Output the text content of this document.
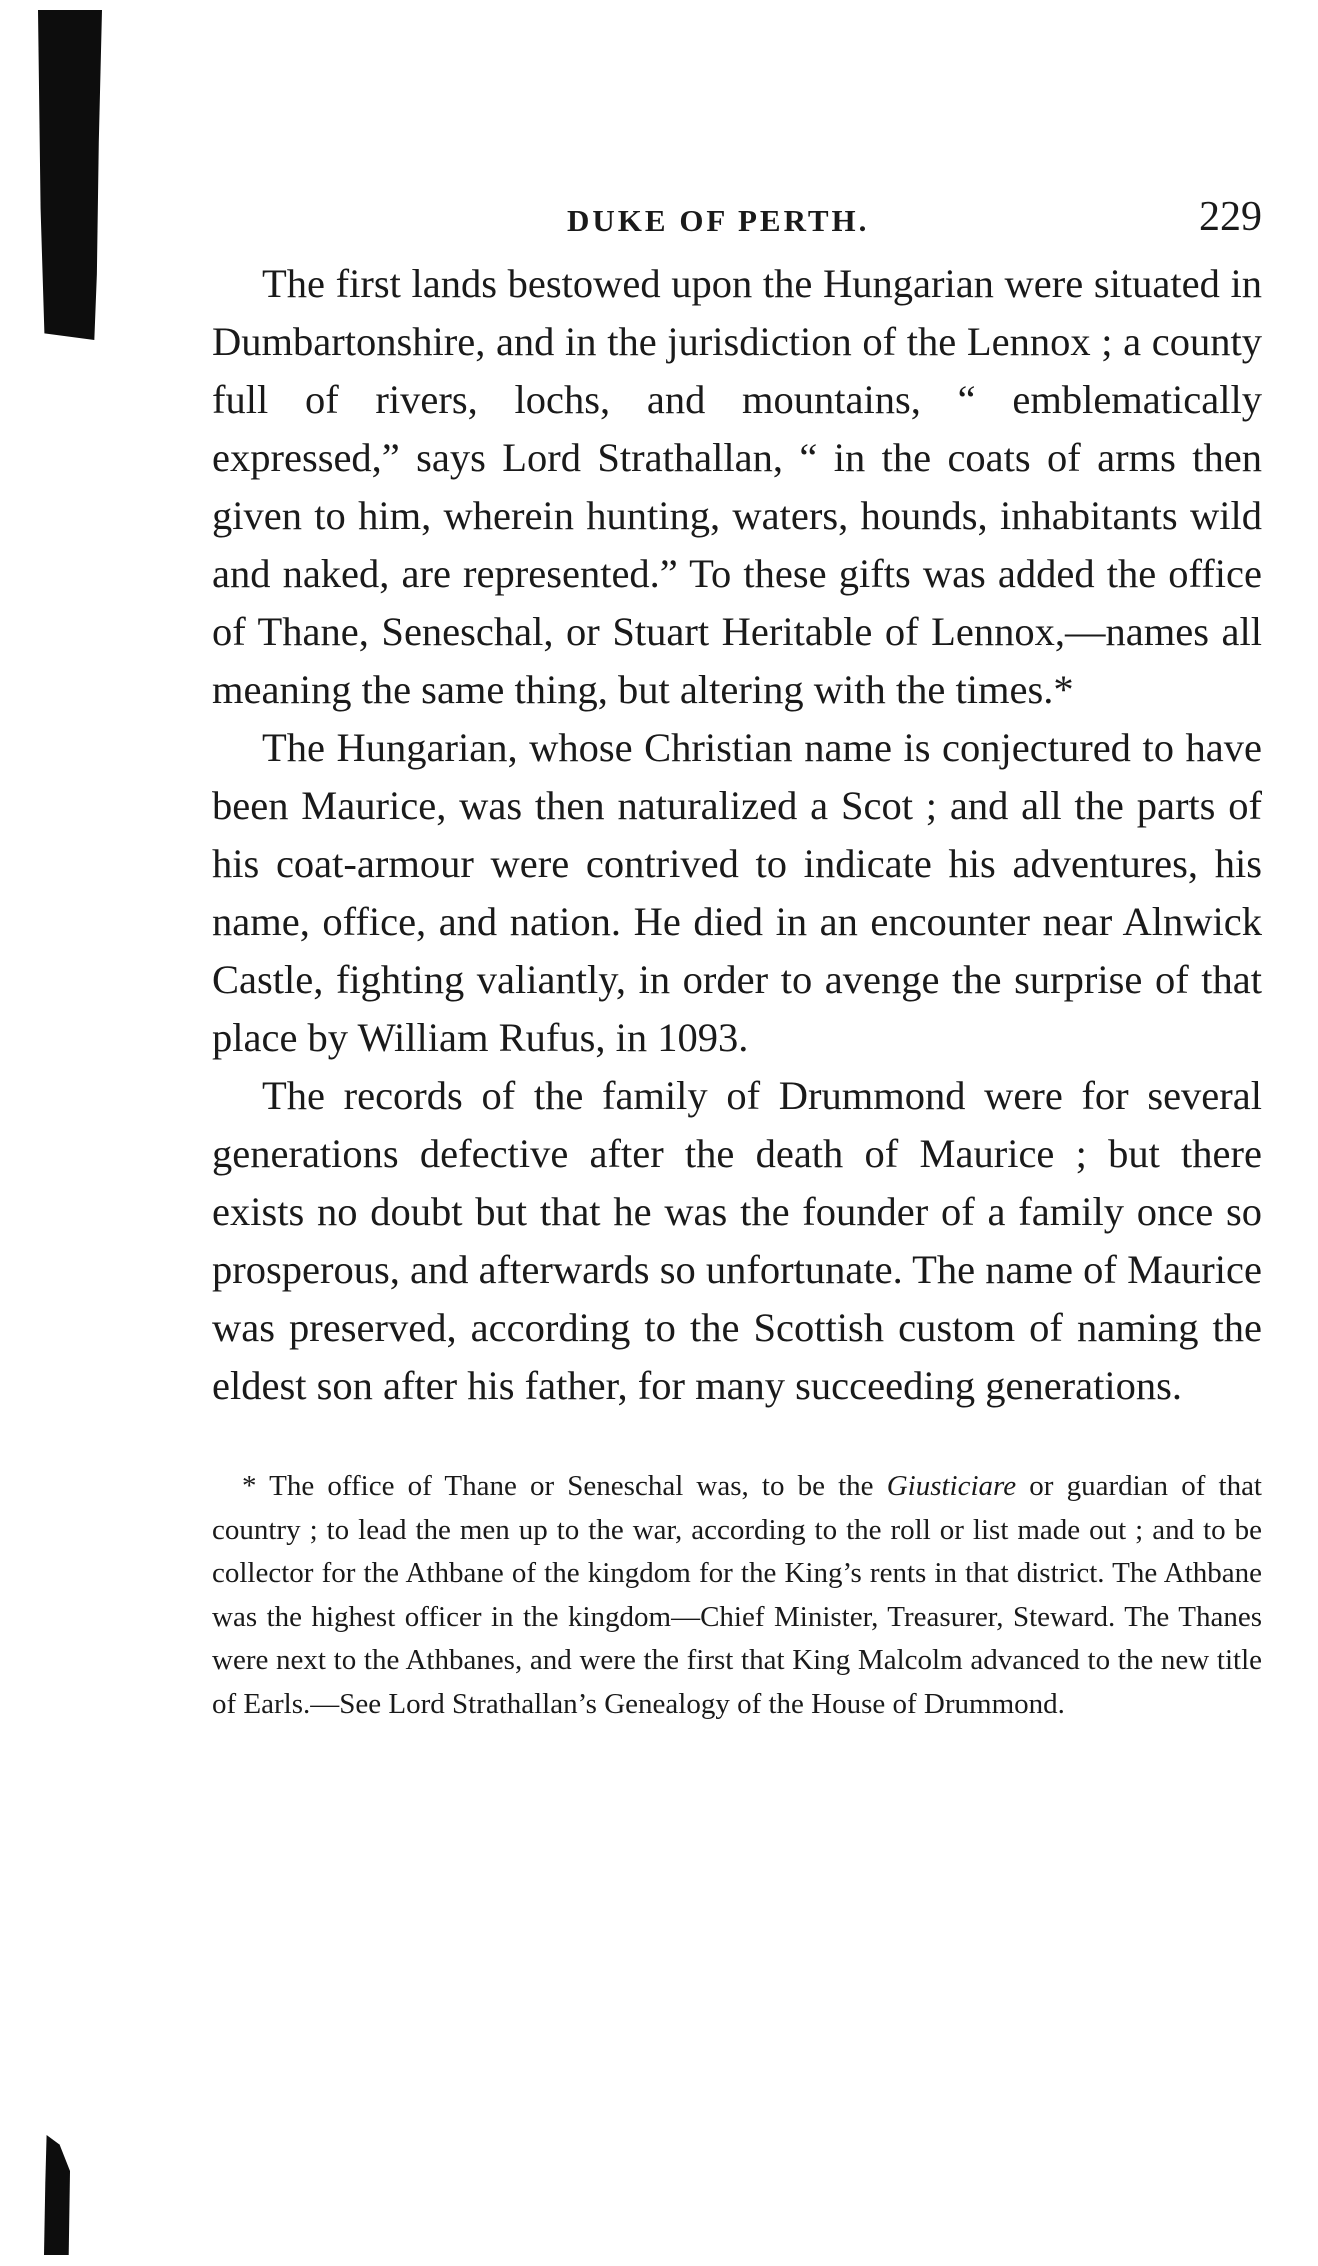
DUKE OF PERTH.	229

The first lands bestowed upon the Hungarian were situated in Dumbartonshire, and in the jurisdiction of the Lennox ; a county full of rivers, lochs, and mountains, “ emblematically expressed,” says Lord Strathallan, “ in the coats of arms then given to him, wherein hunting, waters, hounds, inhabitants wild and naked, are represented.” To these gifts was added the office of Thane, Seneschal, or Stuart Heritable of Lennox,—names all meaning the same thing, but altering with the times.*

The Hungarian, whose Christian name is conjectured to have been Maurice, was then naturalized a Scot ; and all the parts of his coat-armour were contrived to indicate his adventures, his name, office, and nation. He died in an encounter near Alnwick Castle, fighting valiantly, in order to avenge the surprise of that place by William Rufus, in 1093.

The records of the family of Drummond were for several generations defective after the death of Maurice ; but there exists no doubt but that he was the founder of a family once so prosperous, and afterwards so unfortunate. The name of Maurice was preserved, according to the Scottish custom of naming the eldest son after his father, for many succeeding generations.

* The office of Thane or Seneschal was, to be the Giusticiare or guardian of that country ; to lead the men up to the war, according to the roll or list made out ; and to be collector for the Athbane of the kingdom for the King’s rents in that district. The Athbane was the highest officer in the kingdom—Chief Minister, Treasurer, Steward. The Thanes were next to the Athbanes, and were the first that King Malcolm advanced to the new title of Earls.—See Lord Strathallan’s Genealogy of the House of Drummond.
